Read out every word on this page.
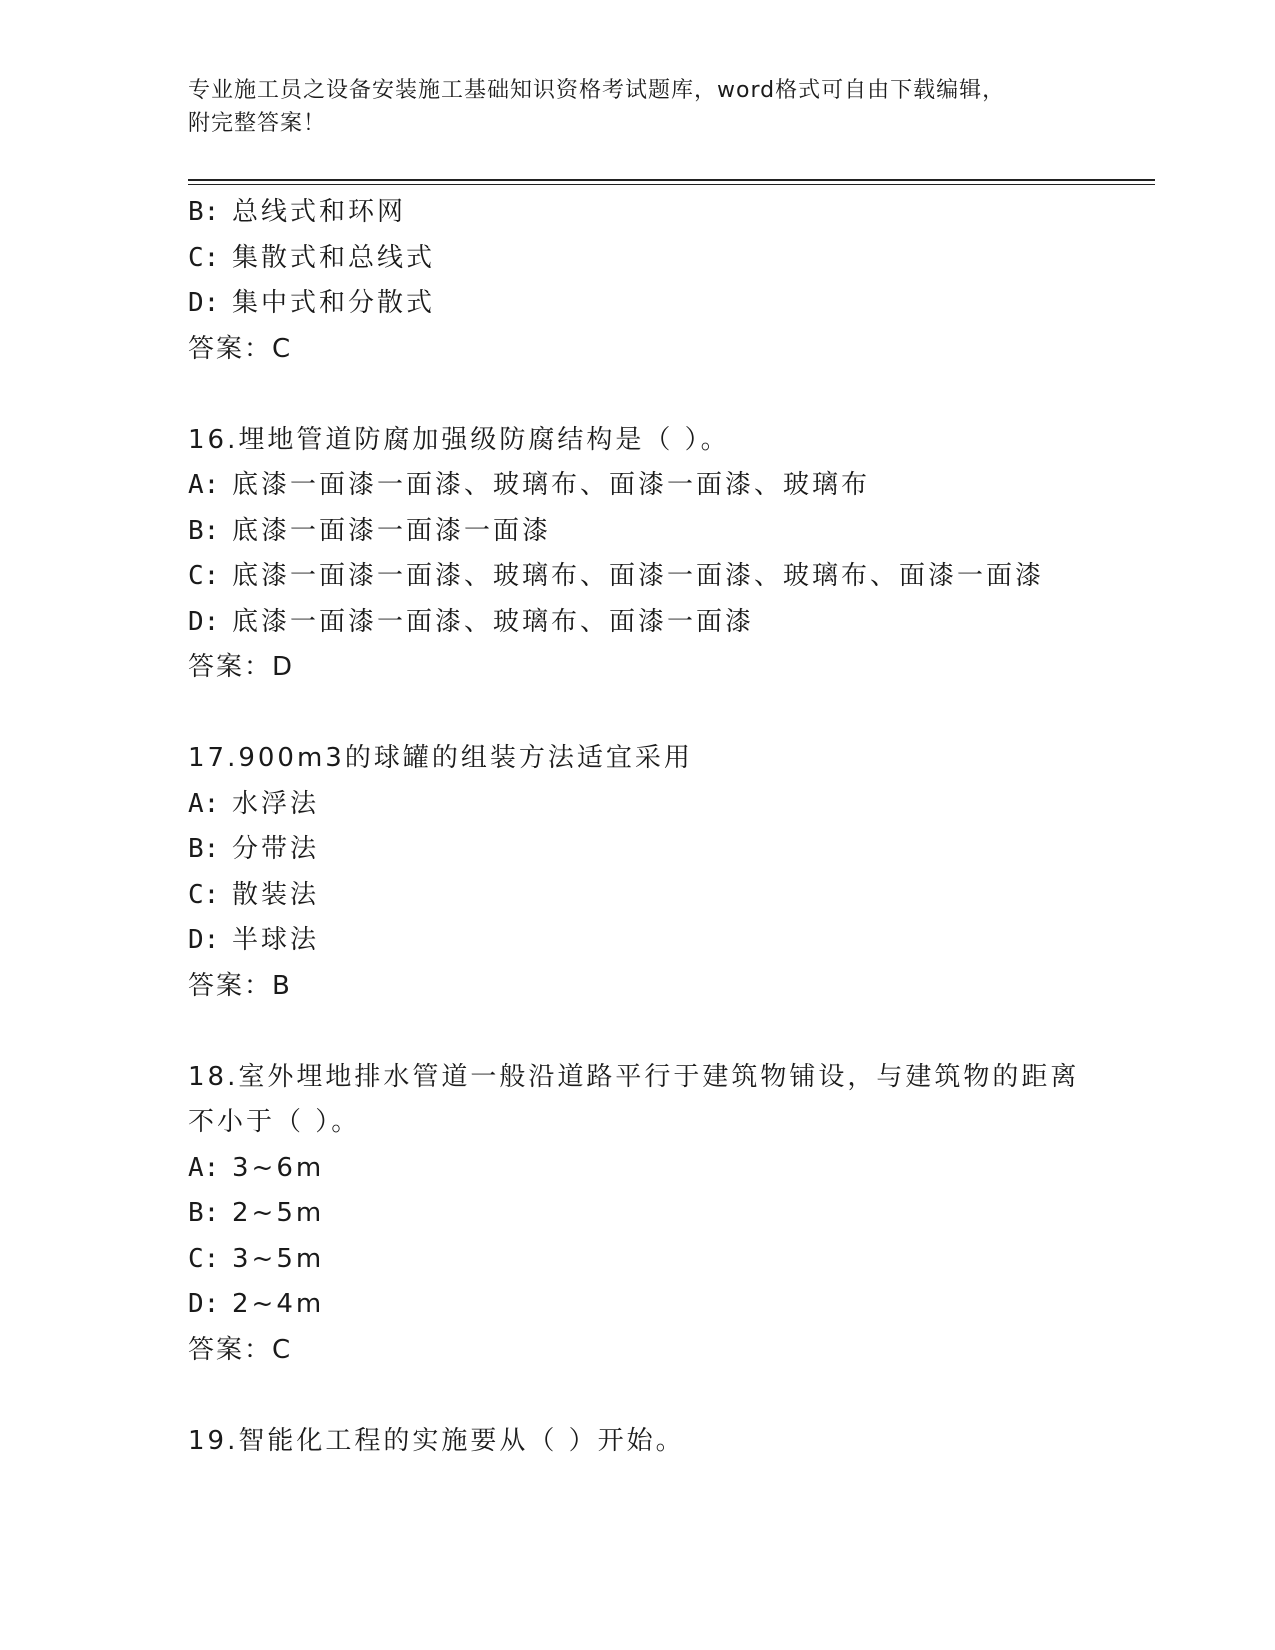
专业施工员之设备安装施工基础知识资格考试题库，word格式可自由下载编辑，
附完整答案！
B: 总线式和环网
C: 集散式和总线式
D: 集中式和分散式
答案：C
16.埋地管道防腐加强级防腐结构是（ ）。
A: 底漆一面漆一面漆、玻璃布、面漆一面漆、玻璃布
B: 底漆一面漆一面漆一面漆
C: 底漆一面漆一面漆、玻璃布、面漆一面漆、玻璃布、面漆一面漆
D: 底漆一面漆一面漆、玻璃布、面漆一面漆
答案：D
17.900m3的球罐的组装方法适宜采用
A: 水浮法
B: 分带法
C: 散装法
D: 半球法
答案：B
18.室外埋地排水管道一般沿道路平行于建筑物铺设，与建筑物的距离
不小于（ ）。
A: 3~6m
B: 2~5m
C: 3~5m
D: 2~4m
答案：C
19.智能化工程的实施要从（ ）开始。
